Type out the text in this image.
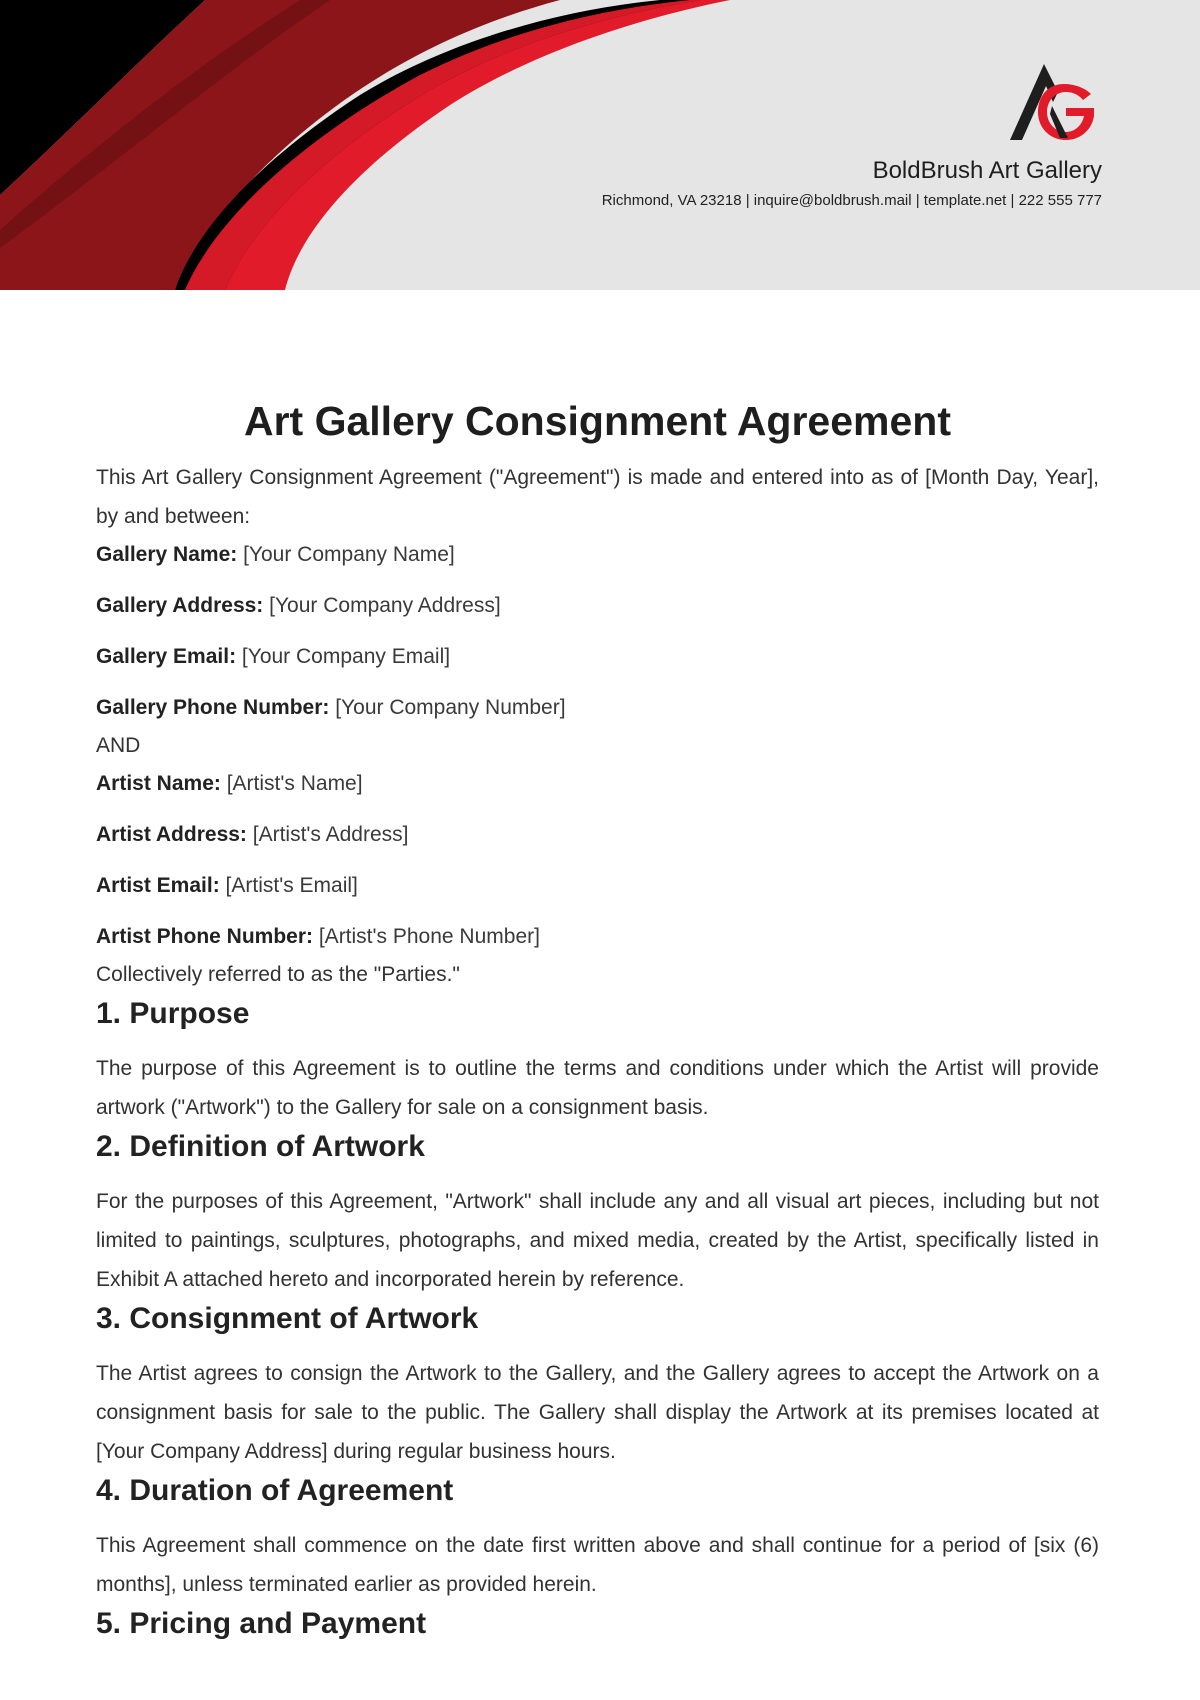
BoldBrush Art Gallery
Richmond, VA 23218 | inquire@boldbrush.mail | template.net | 222 555 777
Art Gallery Consignment Agreement

This Art Gallery Consignment Agreement ("Agreement") is made and entered into as of [Month Day, Year], by and between:

Gallery Name: [Your Company Name]

Gallery Address: [Your Company Address]

Gallery Email: [Your Company Email]

Gallery Phone Number: [Your Company Number]

AND

Artist Name: [Artist's Name]

Artist Address: [Artist's Address]

Artist Email: [Artist's Email]

Artist Phone Number: [Artist's Phone Number]

Collectively referred to as the "Parties."

1. Purpose

The purpose of this Agreement is to outline the terms and conditions under which the Artist will provide artwork ("Artwork") to the Gallery for sale on a consignment basis.

2. Definition of Artwork

For the purposes of this Agreement, "Artwork" shall include any and all visual art pieces, including but not limited to paintings, sculptures, photographs, and mixed media, created by the Artist, specifically listed in Exhibit A attached hereto and incorporated herein by reference.

3. Consignment of Artwork

The Artist agrees to consign the Artwork to the Gallery, and the Gallery agrees to accept the Artwork on a consignment basis for sale to the public. The Gallery shall display the Artwork at its premises located at [Your Company Address] during regular business hours.

4. Duration of Agreement

This Agreement shall commence on the date first written above and shall continue for a period of [six (6) months], unless terminated earlier as provided herein.

5. Pricing and Payment
